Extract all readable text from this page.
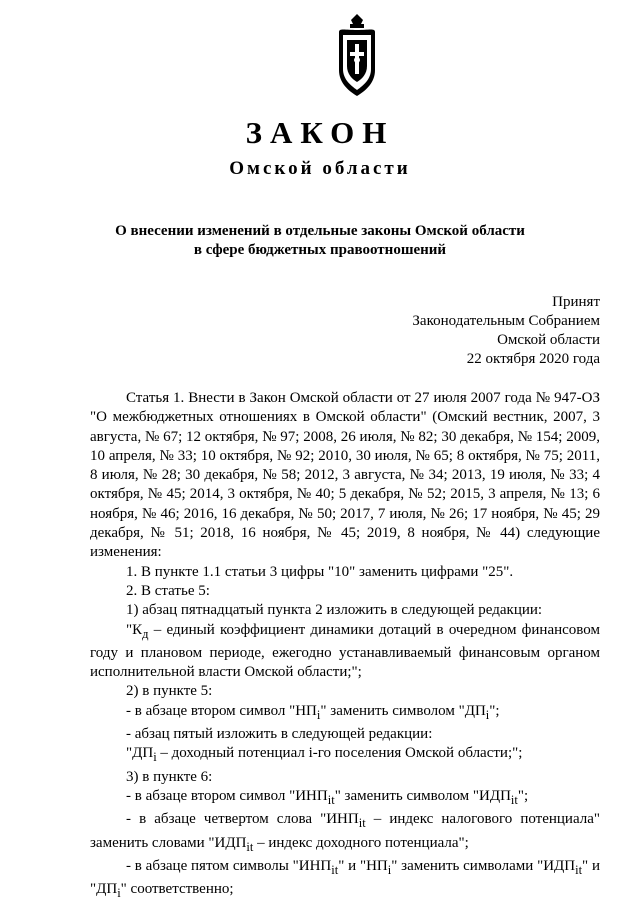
ЗАКОН
Омской области
О внесении изменений в отдельные законы Омской области
в сфере бюджетных правоотношений
Принят
Законодательным Собранием
Омской области
22 октября 2020 года

Статья 1. Внести в Закон Омской области от 27 июля 2007 года № 947-ОЗ "О межбюджетных отношениях в Омской области" (Омский вестник, 2007, 3 августа, № 67; 12 октября, № 97; 2008, 26 июля, № 82; 30 декабря, № 154; 2009, 10 апреля, № 33; 10 октября, № 92; 2010, 30 июля, № 65; 8 октября, № 75; 2011, 8 июля, № 28; 30 декабря, № 58; 2012, 3 августа, № 34; 2013, 19 июля, № 33; 4 октября, № 45; 2014, 3 октября, № 40; 5 декабря, № 52; 2015, 3 апреля, № 13; 6 ноября, № 46; 2016, 16 декабря, № 50; 2017, 7 июля, № 26; 17 ноября, № 45; 29 декабря, № 51; 2018, 16 ноября, № 45; 2019, 8 ноября, № 44) следующие изменения:

1. В пункте 1.1 статьи 3 цифры "10" заменить цифрами "25".

2. В статье 5:

1) абзац пятнадцатый пункта 2 изложить в следующей редакции:

"$К_д$ – единый коэффициент динамики дотаций в очередном финансовом году и плановом периоде, ежегодно устанавливаемый финансовым органом исполнительной власти Омской области;";

2) в пункте 5:

- в абзаце втором символ "$НП_i$" заменить символом "$ДП_i$";

- абзац пятый изложить в следующей редакции:

"$ДП_i$ – доходный потенциал i-го поселения Омской области;";

3) в пункте 6:

- в абзаце втором символ "$ИНП_{it}$" заменить символом "$ИДП_{it}$";

- в абзаце четвертом слова "$ИНП_{it}$ – индекс налогового потенциала" заменить словами "$ИДП_{it}$ – индекс доходного потенциала";

- в абзаце пятом символы "$ИНП_{it}$" и "$НП_i$" заменить символами "$ИДП_{it}$" и "$ДП_i$" соответственно;
